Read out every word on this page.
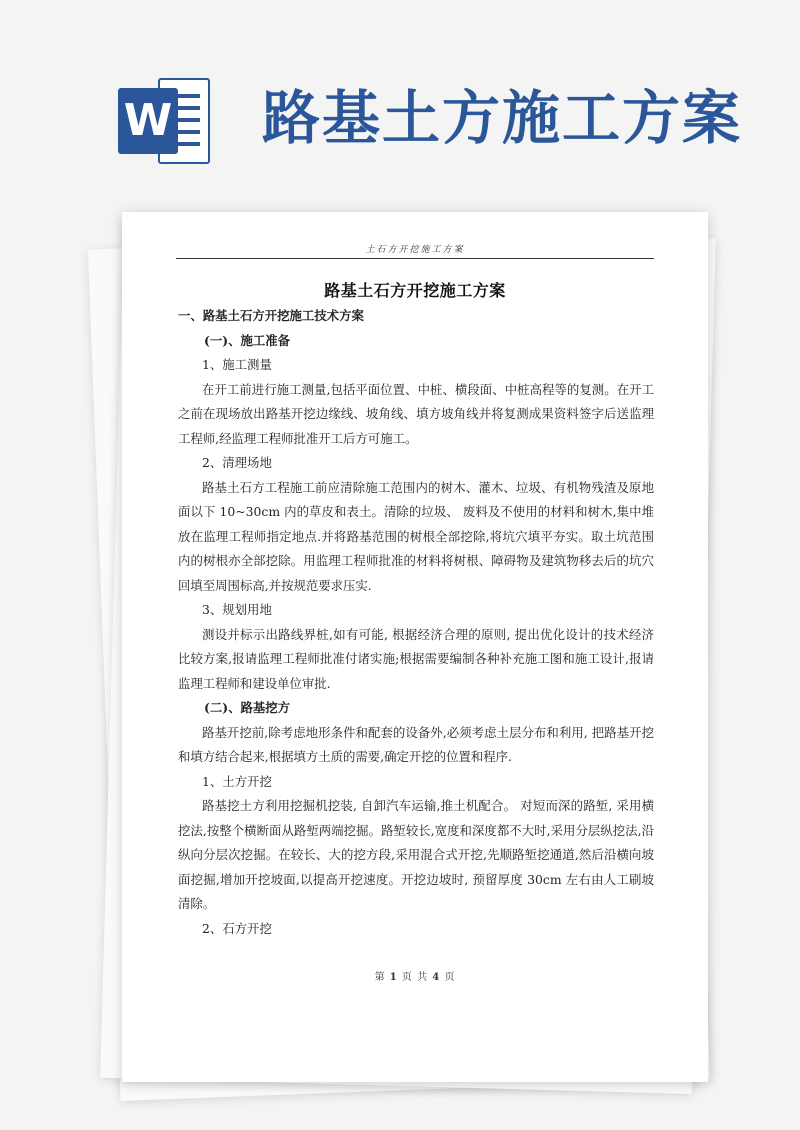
W 路基土方施工方案
土石方开挖施工方案
路基土石方开挖施工方案

一、路基土石方开挖施工技术方案

(一)、施工准备

1、施工测量

在开工前进行施工测量,包括平面位置、中桩、横段面、中桩高程等的复测。在开工之前在现场放出路基开挖边缘线、坡角线、填方坡角线并将复测成果资料签字后送监理工程师,经监理工程师批准开工后方可施工。

2、清理场地

路基土石方工程施工前应清除施工范围内的树木、灌木、垃圾、有机物残渣及原地面以下 10~30cm 内的草皮和表土。清除的垃圾、 废料及不使用的材料和树木,集中堆放在监理工程师指定地点.并将路基范围的树根全部挖除,将坑穴填平夯实。取土坑范围内的树根亦全部挖除。用监理工程师批准的材料将树根、障碍物及建筑物移去后的坑穴回填至周围标高,并按规范要求压实.

3、规划用地

测设并标示出路线界桩,如有可能, 根据经济合理的原则, 提出优化设计的技术经济比较方案,报请监理工程师批准付诸实施;根据需要编制各种补充施工图和施工设计,报请监理工程师和建设单位审批.

(二)、路基挖方

路基开挖前,除考虑地形条件和配套的设备外,必须考虑土层分布和利用, 把路基开挖和填方结合起来,根据填方土质的需要,确定开挖的位置和程序.

1、土方开挖

路基挖土方利用挖掘机挖装, 自卸汽车运输,推土机配合。 对短而深的路堑, 采用横挖法,按整个横断面从路堑两端挖掘。路堑较长,宽度和深度都不大时,采用分层纵挖法,沿纵向分层次挖掘。在较长、大的挖方段,采用混合式开挖,先顺路堑挖通道,然后沿横向坡面挖掘,增加开挖坡面,以提高开挖速度。开挖边坡时, 预留厚度 30cm 左右由人工刷坡清除。

2、石方开挖

第 1 页 共 4 页
